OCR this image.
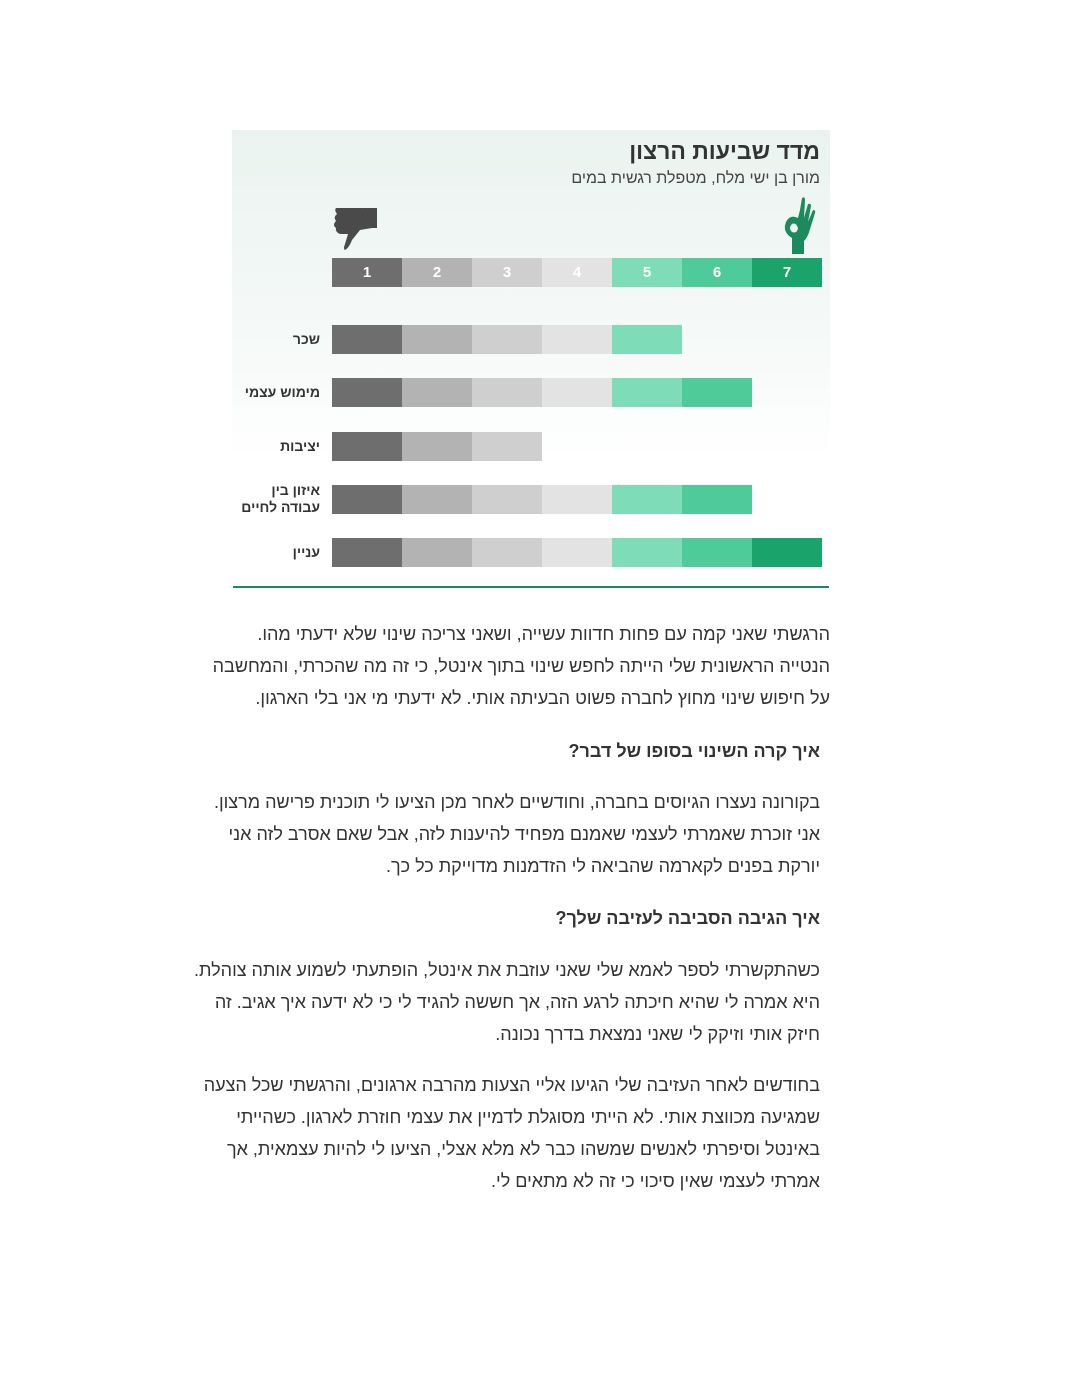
מדד שביעות הרצון
מורן בן ישי מלח, מטפלת רגשית במים
1	2	3	4	5	6	7
שכר
מימוש עצמי
יציבות
איזון בין
עבודה לחיים
עניין
הרגשתי שאני קמה עם פחות חדוות עשייה, ושאני צריכה שינוי שלא ידעתי מהו.
הנטייה הראשונית שלי הייתה לחפש שינוי בתוך אינטל, כי זה מה שהכרתי, והמחשבה
על חיפוש שינוי מחוץ לחברה פשוט הבעיתה אותי. לא ידעתי מי אני בלי הארגון.
איך קרה השינוי בסופו של דבר?
בקורונה נעצרו הגיוסים בחברה, וחודשיים לאחר מכן הציעו לי תוכנית פרישה מרצון.
אני זוכרת שאמרתי לעצמי שאמנם מפחיד להיענות לזה, אבל שאם אסרב לזה אני
יורקת בפנים לקארמה שהביאה לי הזדמנות מדוייקת כל כך.
איך הגיבה הסביבה לעזיבה שלך?
כשהתקשרתי לספר לאמא שלי שאני עוזבת את אינטל, הופתעתי לשמוע אותה צוהלת.
היא אמרה לי שהיא חיכתה לרגע הזה, אך חששה להגיד לי כי לא ידעה איך אגיב. זה
חיזק אותי וזיקק לי שאני נמצאת בדרך נכונה.
בחודשים לאחר העזיבה שלי הגיעו אליי הצעות מהרבה ארגונים, והרגשתי שכל הצעה
שמגיעה מכווצת אותי. לא הייתי מסוגלת לדמיין את עצמי חוזרת לארגון. כשהייתי
באינטל וסיפרתי לאנשים שמשהו כבר לא מלא אצלי, הציעו לי להיות עצמאית, אך
אמרתי לעצמי שאין סיכוי כי זה לא מתאים לי.
